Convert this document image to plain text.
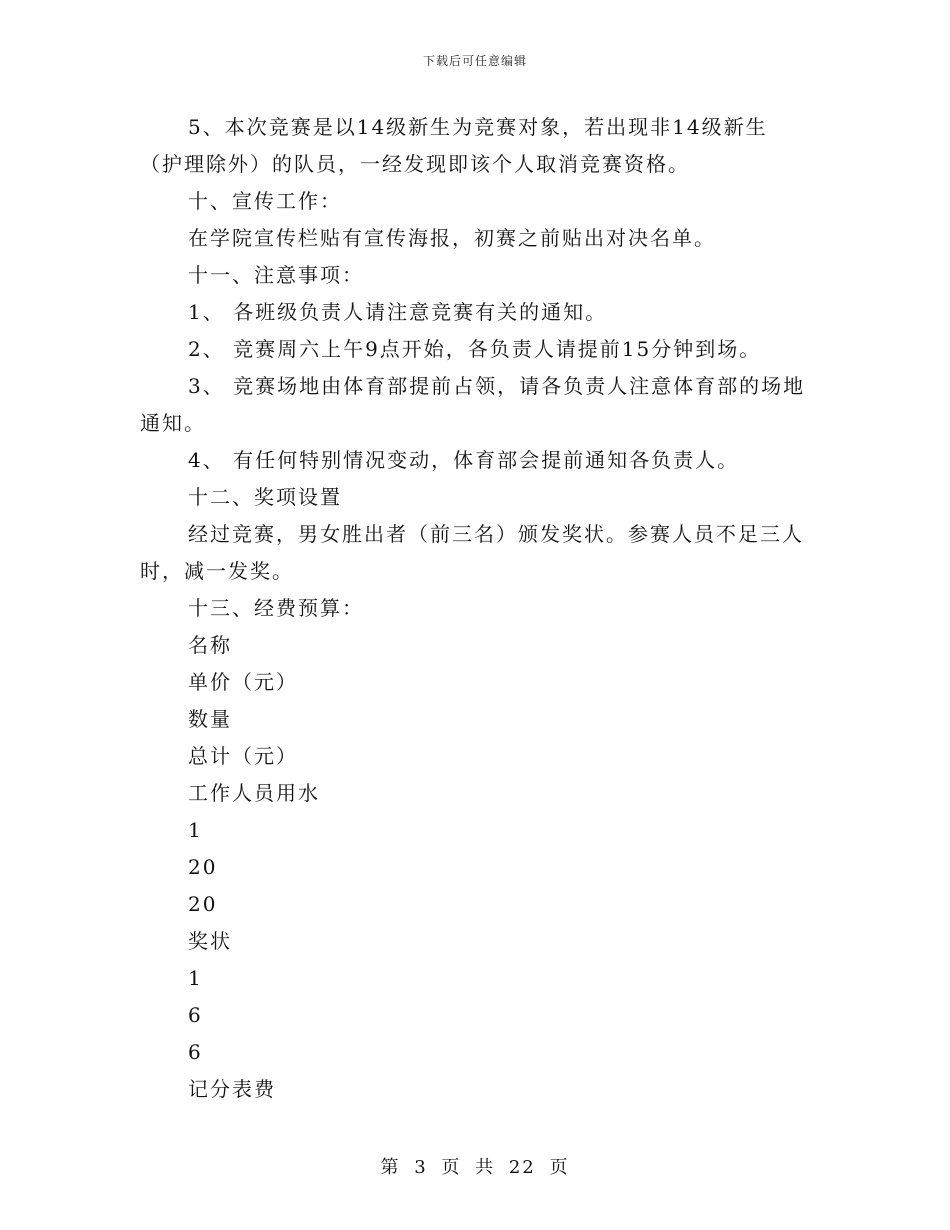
下载后可任意编辑

5、本次竞赛是以14级新生为竞赛对象，若出现非14级新生（护理除外）的队员，一经发现即该个人取消竞赛资格。

十、宣传工作：

在学院宣传栏贴有宣传海报，初赛之前贴出对决名单。

十一、注意事项：

1、 各班级负责人请注意竞赛有关的通知。

2、 竞赛周六上午9点开始，各负责人请提前15分钟到场。

3、 竞赛场地由体育部提前占领，请各负责人注意体育部的场地通知。

4、 有任何特别情况变动，体育部会提前通知各负责人。

十二、奖项设置

经过竞赛，男女胜出者（前三名）颁发奖状。参赛人员不足三人时，减一发奖。

十三、经费预算：

名称

单价（元）

数量

总计（元）

工作人员用水

1

20

20

奖状

1

6

6

记分表费

第 3 页 共 22 页
